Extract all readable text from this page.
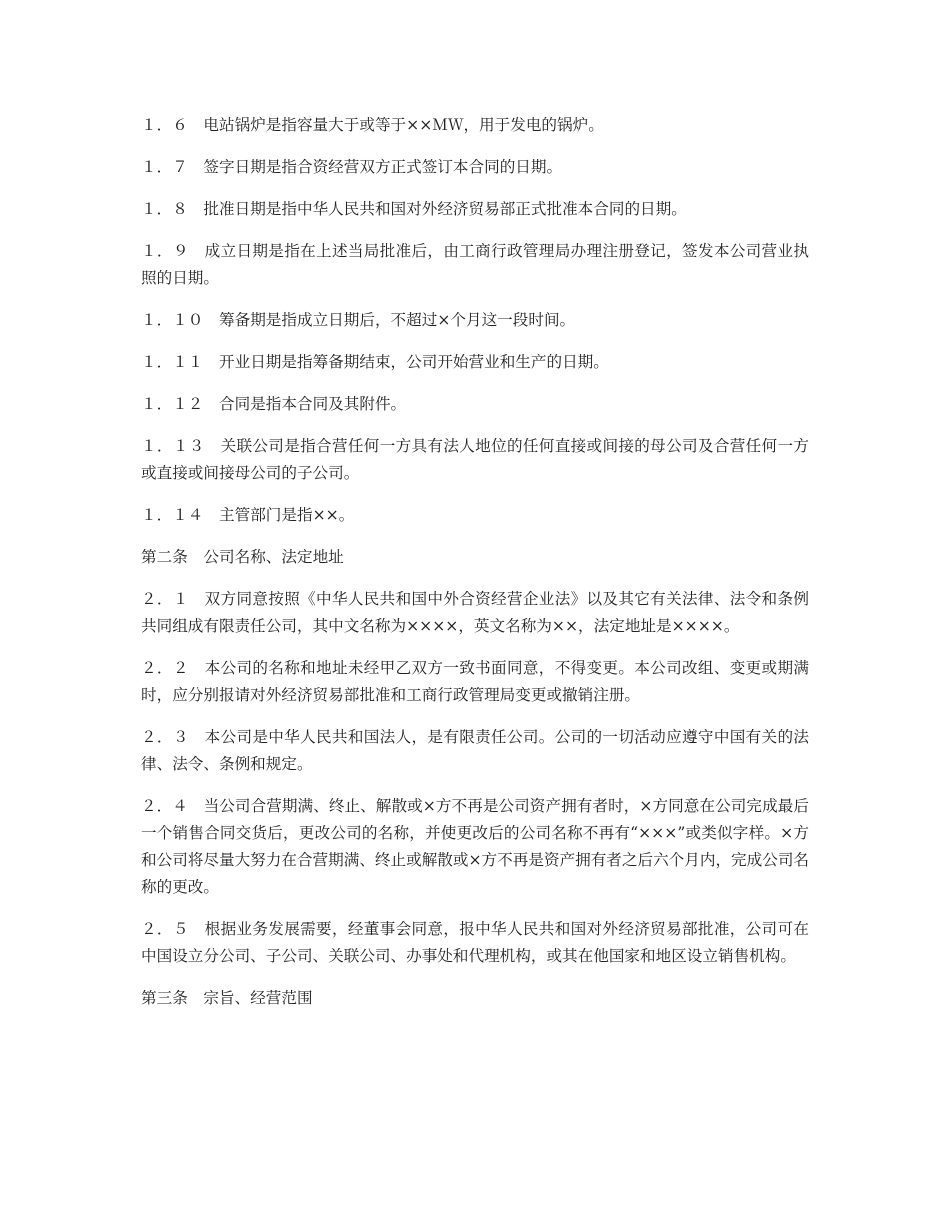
１．６　 电站锅炉是指容量大于或等于××ＭＷ，用于发电的锅炉。

１．７　 签字日期是指合资经营双方正式签订本合同的日期。

１．８　 批准日期是指中华人民共和国对外经济贸易部正式批准本合同的日期。

１．９　 成立日期是指在上述当局批准后，由工商行政管理局办理注册登记，签发本公司营业执照的日期。

１．１０　 筹备期是指成立日期后，不超过×个月这一段时间。

１．１１　 开业日期是指筹备期结束，公司开始营业和生产的日期。

１．１２　 合同是指本合同及其附件。

１．１３　 关联公司是指合营任何一方具有法人地位的任何直接或间接的母公司及合营任何一方或直接或间接母公司的子公司。

１．１４　 主管部门是指××。

第二条　 公司名称、法定地址

２．１　 双方同意按照《中华人民共和国中外合资经营企业法》以及其它有关法律、法令和条例共同组成有限责任公司，其中文名称为××××，英文名称为××，法定地址是××××。

２．２　 本公司的名称和地址未经甲乙双方一致书面同意，不得变更。本公司改组、变更或期满时，应分别报请对外经济贸易部批准和工商行政管理局变更或撤销注册。

２．３　 本公司是中华人民共和国法人，是有限责任公司。公司的一切活动应遵守中国有关的法律、法令、条例和规定。

２．４　 当公司合营期满、终止、解散或×方不再是公司资产拥有者时，×方同意在公司完成最后一个销售合同交货后，更改公司的名称，并使更改后的公司名称不再有“×××”或类似字样。×方和公司将尽量大努力在合营期满、终止或解散或×方不再是资产拥有者之后六个月内，完成公司名称的更改。

２．５　 根据业务发展需要，经董事会同意，报中华人民共和国对外经济贸易部批准，公司可在中国设立分公司、子公司、关联公司、办事处和代理机构，或其在他国家和地区设立销售机构。

第三条　 宗旨、经营范围
